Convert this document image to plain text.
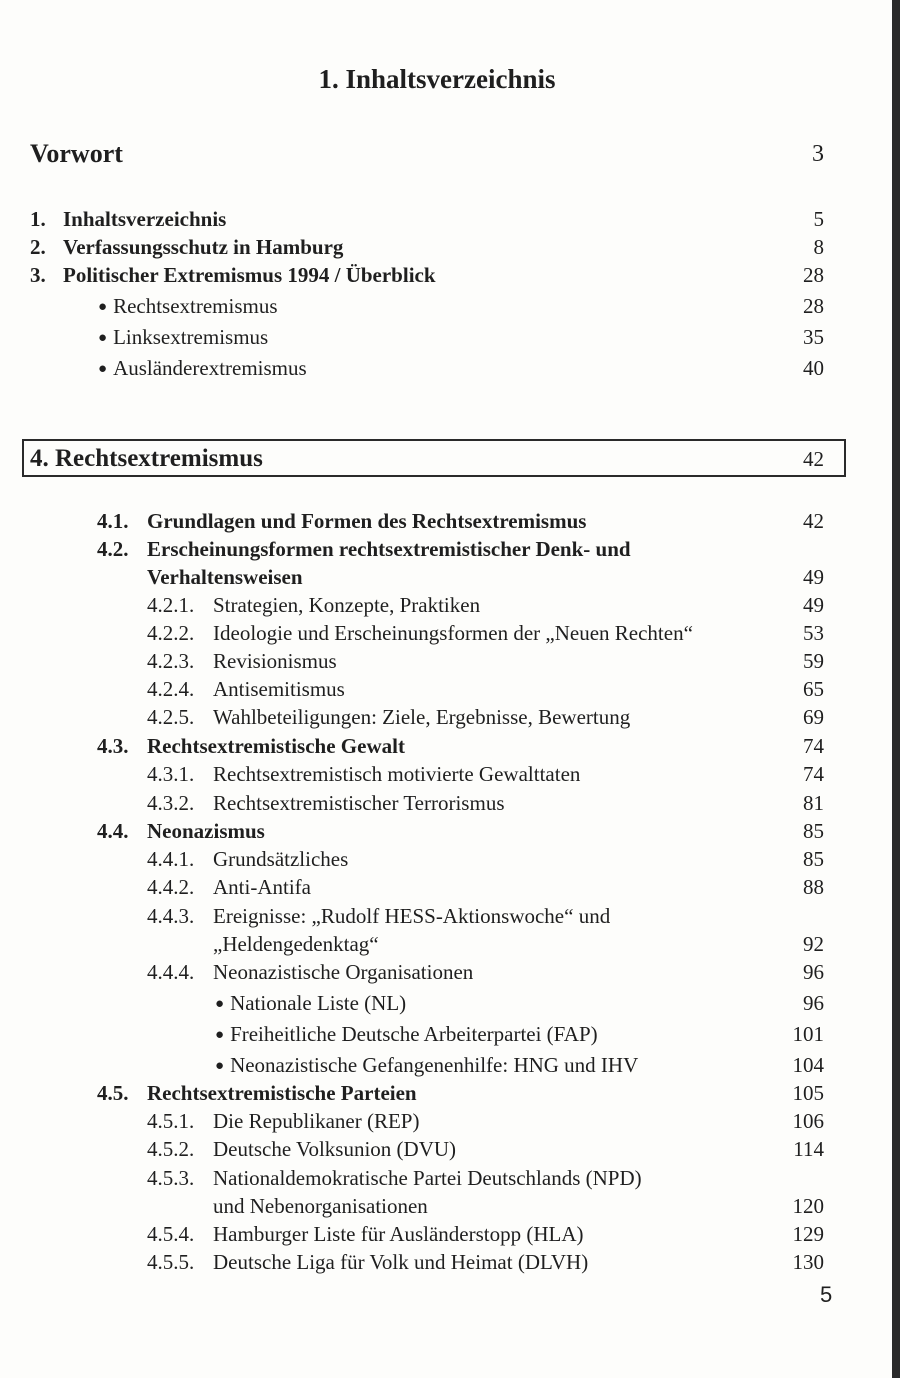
1. Inhaltsverzeichnis
Vorwort	3
1. Inhaltsverzeichnis	5
2. Verfassungsschutz in Hamburg	8
3. Politischer Extremismus 1994 / Überblick	28
● Rechtsextremismus	28
● Linksextremismus	35
● Ausländerextremismus	40
4. Rechtsextremismus	42
4.1. Grundlagen und Formen des Rechtsextremismus	42
4.2. Erscheinungsformen rechtsextremistischer Denk- und
Verhaltensweisen	49
4.2.1. Strategien, Konzepte, Praktiken	49
4.2.2. Ideologie und Erscheinungsformen der „Neuen Rechten“	53
4.2.3. Revisionismus	59
4.2.4. Antisemitismus	65
4.2.5. Wahlbeteiligungen: Ziele, Ergebnisse, Bewertung	69
4.3. Rechtsextremistische Gewalt	74
4.3.1. Rechtsextremistisch motivierte Gewalttaten	74
4.3.2. Rechtsextremistischer Terrorismus	81
4.4. Neonazismus	85
4.4.1. Grundsätzliches	85
4.4.2. Anti-Antifa	88
4.4.3. Ereignisse: „Rudolf HESS-Aktionswoche“ und
„Heldengedenktag“	92
4.4.4. Neonazistische Organisationen	96
● Nationale Liste (NL)	96
● Freiheitliche Deutsche Arbeiterpartei (FAP)	101
● Neonazistische Gefangenenhilfe: HNG und IHV	104
4.5. Rechtsextremistische Parteien	105
4.5.1. Die Republikaner (REP)	106
4.5.2. Deutsche Volksunion (DVU)	114
4.5.3. Nationaldemokratische Partei Deutschlands (NPD)
und Nebenorganisationen	120
4.5.4. Hamburger Liste für Ausländerstopp (HLA)	129
4.5.5. Deutsche Liga für Volk und Heimat (DLVH)	130
5
